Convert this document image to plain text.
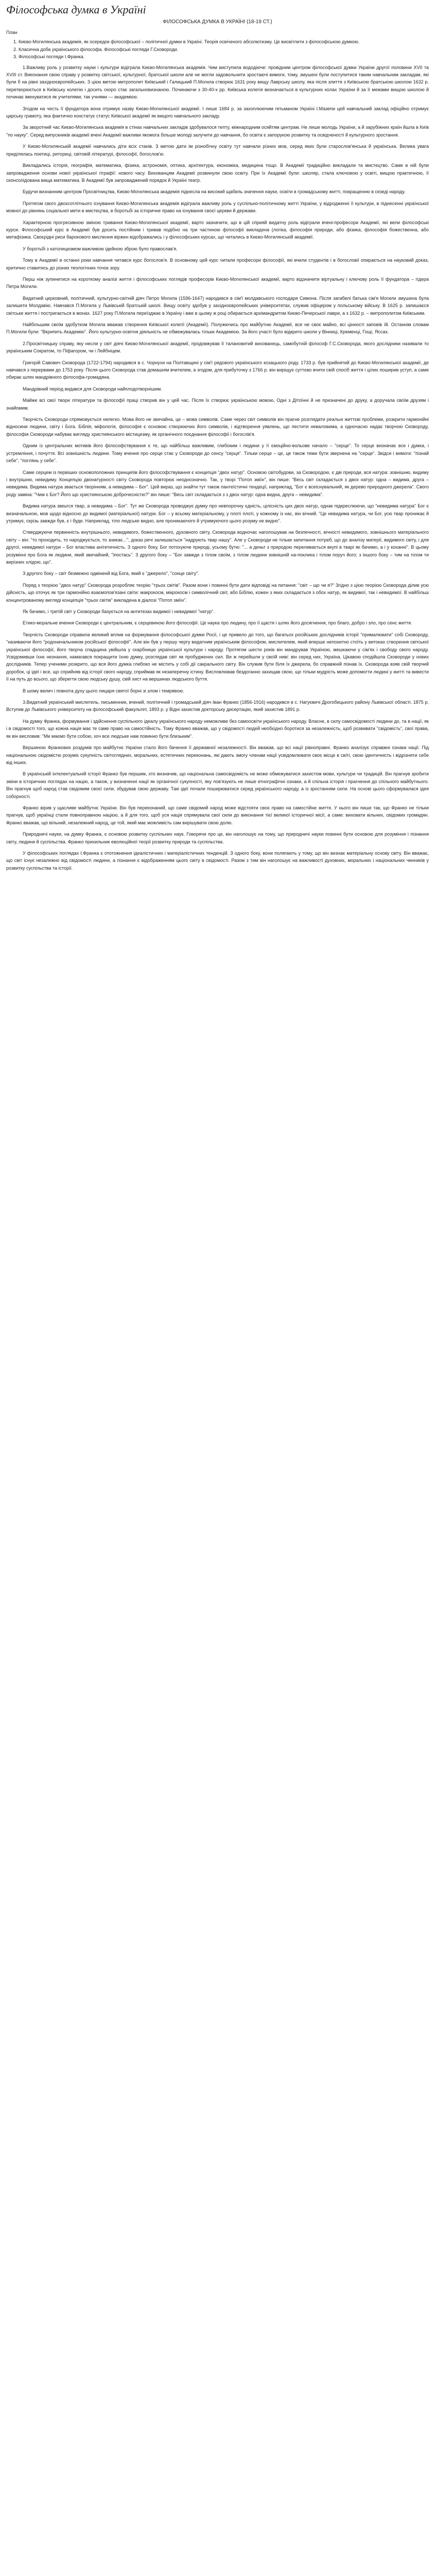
Філософська думка в Україні
ФІЛОСОФСЬКА ДУМКА В УКРАЇНІ (18-19 СТ.)
План
1. Києво-Могилянська академія, як осередок філософської – політичної думки в Україні. Теорія освіченого абсолютизму. Це висвітлити з філософською думкою.
2. Класична доба українського філософа. Філософські погляди Г.Сковороди.
3. Філософські погляди І.Франка.

1.Важливу роль у розвитку науки і культури відіграла Києво-Могилянська академія. Чим виступила вододіюче: провідним центром філософської думки України другої половини XVII та XVIII ст. Виконання свою справу у розвитку світської, культурної, братської школи але не могли задовольнити зростаючі вимоги, тому, змушені були поступитися таким навчальним закладам, які були б на рівні західноєвропейських. З цією метою митрополит Київський і Галицький П.Могила створює 1631 року вищу Лаврську школу, яка після злиття з Київською братською школою 1632 р. перетворюється в Київську колегію і досить скоро стає загальновизнаною. Починаючи з 30-40-х рр. Київська колегія визначається в культурних колах України й за її межами вищою школою й починає іменуватися як учителями, так учнями — академією.

Згодом на честь її фундатора вона отримує назву Києво-Могилянської академії. І лише 1684 р. за захоплюючим гетьманом Україні І.Мазепи цей навчальний заклад офіційно отримує царську грамоту, яка фактично констатує статус Київської академії як вищого навчального закладу.

За зворотний час Києво-Могилянська академія в стінах навчальних закладів здобувалося тепту, міжнародним осяйтям центрам. Не лише молодь України, а й зарубіжних країн йшла в Київ "по науку". Серед випускників академії вчені Академії важливи якомога більше молоді залучити до навчання, бо освіта є запорукою розвитку та освідченості й культурного зростання.

У Києво-Могилянській академії навчались діти всіх станів. З метою дати ім різнобічну освіту тут навчали різних мов, серед яких були старослов'янська й українська. Велика увага приділялась поетиці, риториці, світовій літературі, філософії, богослов'ю.

Викладались історія, географія, математика, фізика, астрономія, оптика, архітектура, економіка, медицина тощо. В Академії традиційно викладали та мистецтво. Саме в ній були запровадження основи нової української гіграфії: нового часу. Вихованцям Академії розвинули свою освіту. При їх Академії були: школяр, стала ключовою у освіті, вищою практичною, її сконсолідована вища математика. В Академії був запроваджений порядок й Україні театр.

Будучи визнанним центром Просвітництва, Києво-Могилянська академія піднесла на високий щабель значення науки, освіти в громадському житті, покращенню в сезеді народу.

Протягом свого двохсотлітнього існування Києво-Могилянська академія відіграла важливу роль у суспільно-політичному житті України, у відродженні її культури, в піднесенні української мовної до рівнянь соціальної мети в мистецтва, в боротьбі за історичне право на існування своєї церкви й держави.

Характерною прогресивною зміною тривання Києво-Могилянської академії, варто зазначити, що в цій сприяй видатну роль відіграли вчені-професори Академії, які вели філософські курси. Філософський курс в Академії був досить постійним і тривав подібно на три частиною філософії викладена (логіка, філософія природи, або фізика, філософія божественна, або метафізика. Своєрідні риси барокового мислення віржен відображались і у філософських курсах, що читались в Києво-Могилянській академії.

У боротьбі з католицизмом важливою ідейною зброю було православ'я.

Тому в Академії в останні роки навчання читався курс богослов'я. В основному цей курс читали професори філософії, які вчили студентів і в богословії опирається на науковий доказ, критично ставитись до різних теологічних точок зору.

Перш ніж зупинитися на короткому аналізі життя і філософських поглядів професорів Києво-Могилянської академії, варто відзначити віртуальну і ключову роль її фундатора – гідера Петра Могили.

Видатний церковний, політичний, культурно-світній діяч Петро Могила (1596-1647) народився в сім'ї молдавського господаря Симона. Після загибелі батька сім'я Могили змушена була залишити Молдавію. Навчався П.Могила у Львівській братській школі. Вищу освіту здобув у західноєвропейських університетах, служив офіцером у польському війську. В 1625 р. запишаєся світське життя і постригається в монах. 1627 року П.Могила переїзджає в Україну і вже в цьому ж році обирається архімандритом Києво-Печерської лаври, а з 1632 р. – митрополитом Київським.

Найбільшим своїм здобутком Могила вважав створення Київської колегії (Академії). Полужючись про майбутню Академії, все не своє майно, всі цінності заповів їй. Останнім словам П.Могили були: "Вкрипить Академію". Його культурно-освітня діяльність не обмежувалась тільки Академією. За його участі було відкрито школи у Вінниці, Кременці, Гощі, Яссах.

2.Просвітницьку справу, яку несли у світ діячі Києво-Могилянської академії, продовжував її талановитий вихованець, самобутній філософ Г.С.Сковорода, якого дослідники називали то українським Сократом, то Піфагором, чи і Лейбніцем.

Григорій Савович Сковорода (1722-1794) народився в с. Чорнухи на Полтавщині у сім'ї рядового українського козацького роду. 1733 р. був прийнятий до Києво-Могилянської академії, де навчався з перервами до 1753 року. Після цього Сковорода став домашнім вчителем, а згодом, для прибуточку з 1766 р. він виріщує суттєво вчити свій спосіб життя і цілих поширив уступ, а саме обирає шлях мандрівного філософа-громадяна.

Мандрівний період видався для Сковороди найплодотворнішим.

Майже всі свої твори літератури та філософії праці створив він у цей час. Після їх створює українською мовою, Одні з Дітоїнні й не призначені до друку, а доручала своїм друзям і знайомим.

Творчість Сковороди спрямовується нелегко. Мова його не звичайна, це – мова символів. Саме через світ символів він прагне розглядати реальні життєві проблеми, розкрити гармонійні відносини людини, світу і Бога. Біблія, міфологія, філософія є основою створюючих його символів, і відтворення уявлень, що пестити неваловима, а одночасно надає творчою Сковороду, філософія Сковороди набуває вигляду християнського містицизму, як органічного поєднання філософії і богослів'я.

Одним із центральних мотивів його філософствування є те, що найбільш важливим, глибоким і людини у її ємоційно-вольове начало – "серце". То серце визначає все і думка, і устремління, і почуття. Всі зовнішність людини. Тому вчення про серце стає у Сковороди до сенсу "серця". Тільки серце – це, це також теми бути звернена на "серце". Звідси і вимоги: "пізнай себе", "поглянь у себе".

Саме серцем із первіших основоположних принципів його філософствування є концепція "двох натур". Основою світобудови, за Сковородою, є дві природи, вся натура: зовнішню, видиму і внутрішню, невидиму. Концепцію двонатурності світу Сковорода повторює неоднозначно. Так, у творі "Потоп зміїн", він пише: "Весь світ складається з двох натур: одна – видима, друга – невидима. Видима натура звається творінням, а невидима – Бог". Цей вираз, що знайти тут також пантеїстичні тендеції, наприклад, "Бог є всеіснувальний, як дерево природного джерела". Свого роду заміна: "Чим є Бог? Його що християнською доброчесністю?" він пише: "Весь світ складається з з двох натур: одна видна, друга – невидима".

Видима натура звеьтся твар, а невидима – Бог". Тут же Сковорода проводжує думку про невпорочну єдність, цілісність цих двох натур, однак підкреслюючи, що "невидима натура" Бог є визначальною, мов щодо відносно до видимої (матеріальної) натури. Бог – у всьому матеріальному, у плоті плоті, у кожному із нас, він вічний. "Це невидима натура, чи Бог, усю твар проникає й утримує, скрізь завжди був, є і буде. Наприклад, тіло людське видно, але проникаючого й утримуючого цього розуму не видно".

Стверджуючи первинність внутрішнього, невидимого, божественного, духовного світу, Сковорода водночас наголошував на безпечності, вічності невидимого, зовнішнього матеріального світу – він: "то проходить, то народжується, то зникає...", доказ речі залишається "надрують твар нашу". Але у Сковороди не тільки запитання потреб, що до аналізу матерії, видимого світу, і для другої, невидимої натури – Бог властива анітетичність. З одного боку, Бог потохуюче природі, усьому бутю: "... а деньт з природою переливається вкупі в тварі як бачимо, а і у коханні". В цьому розумінні про Бога як людини, який звичайний, "іпостась". З другого боку – "Бог завжди з тілом своїм, з тілом людини зовнішній на-поклика і тілом поруч його; з іншого боку – тим на тілом ти вирізних хлідою, що".

З другого боку – світ безмежно одміненй від Бога, який є "джерело", "сонце світу".

Поряд з теорією "двох натур" Сковорода розробляє теорію "трьох світів". Разом вони і повинні бути дати відповіді на питання: "світ – що чи я?" Згідно з цією теорією Сковорода ділив усю дійсність, що оточує як три гармонійно взаємопов'язані світи: макрокосм, мікрокосм і символічний світ, або Біблію, кожен з яких складається з обох натур, як видимої, так і невидимої. В найбільш концентрованому вигляді концепція "трьох світів" викладена в діалозі "Потоп зміїн".

Як бачимо, і третій світ у Сковороди базується на антитезах видимої і невидимої "натур".

Етико-моральне вчення Сковороди є центральним, є серцевиною його філософії. Це наука про людину, про її щастя і шлях його досягнення, про благо, добро і зло, про сенс життя.

Творчість Сковороди справила великий вплив на формування філософської думки Росії, і це привело до того, що багатьох російських дослідників історії "прималювати" собі Сковороду, "називаючи його "родоначальником російської філософії". Але він був у першу чергу видатним українським філософом, мислителем, який вперше непохитно стоїть у витоках створення світської української філософії, його творча спадщина увійшла у скарбницю української культури і народу. Протягом шести років він мандрував Україною, мешкаючи у сім'ях і свободу свого народу. Усвідомивши їхнє незнання, намагався покращити їхню думку, розглядав світ як пробуджених сил. Ви ж перейшли у своїй ниві: він серед них, Україна. Цікавою сподійшла Сковороди у нових дослідників. Тепер ученими розкрито, що вся його думка глибоко не містить у собі дії сакрального світу. Він служив бути біля їх джерела, бо справжній пізнав їх. Сковорода взяв свій творчий доробок, ці ідеї і все, що сприйняв від історії свого народу, сприймав як незаперечну істину. Висловлював бездоганно захищав свою, що тільки мудрість може допомогти людині у житті та вивести її на путь до всього, що зберегти свою людську душу, свій хист на вершинах людського буття.

В шому велич і повнота духу цього лицаря святої борні зі злом і темрявою.

3.Видатний український мислитель, письменник, вчений, політичний і громадський діяч Іван Франко (1856-1916) народився в с. Нагуєвичі Дрогобицького району Львівської області. 1875 р. Вступив до Львівського університету на філософський факультет, 1893 р. у Відні захистив докторську дисертацію, який захистив 1891 р.

На думку Франка, формування і здійснення суспільного ідеалу українського народу неможливе без самоосвіти українського народу. Власне, в силу самосвідомості людини до, та в нації, як і в свідомості того, що кожна нація має те саме право на самостійність. Тому Франко вважав, що у свідомості людей необхідно боротися за незалежність, щоб розвивати "свідомість", свої права, як він висловив: "Ми маємо бути собою, хоч все людське нам повинно бути близьким".

Вершиною Франкових роздумів про майбутнє України стало його бачення її державної незалежності. Він вважав, що всі нації рівноправні. Франко аналізує справжні ознаки нації. Під національною свідомістю розуміє сукупність світоглядних, моральних, естетичних переконань, які дають змогу членам нації усвідомлювати своє місце в світі, свою ідентичність і відрізняти себе від інших.

В українській інтелектуальній історії Франко був першим, хто визначив, що національна самосвідомість не може обмежуватися захистом мови, культури чи традицій. Він прагнув зробити зміни в історичних поглядах на націю, а також, у визначенні нації як органічної сукупності, яку пов'язують не лише етнографічні ознаки, а й спільна історія і прагнення до спільного майбутнього. Він прагнув щоб народ став свідомим своєї сили, збудував свою державу. Такі ідеї почали поширюватися серед українського народу, а із зростанням сили. На основі цього сформувалася ідея соборності.

Франко вірив у щасливе майбутнє України. Він був переконаний, що саме свідомий народ може відстояти своє право на самостійне життя. У нього він пише так, що Франко не тільки прагнув, щоб українці стали повноправною нацією, а й для того, щоб уся нація спрямувала свої сили до виконання тієї великої історичної місії, а саме: виховати вільних, свідомих громадян. Франко вважав, що вільний, незалежний народ, це той, який має можливість сам вирішувати свою долю.

Природничі науки, на думку Франка, є основою розвитку суспільних наук. Говорячи про це, він наголошує на тому, що природничі науки повинні бути основою для розуміння і пізнання світу, людини й суспільства. Франко прихильник еволюційної теорії розвитку природи та суспільства.

У філософських поглядах І.Франка є ототожнення ідеалістичних і матеріалістичних тенденцій. З одного боку, вони полягають у тому, що він визнає матеріальну основу світу. Він вважає, що світ існує незалежно від свідомості людини, а пізнання є відображенням цього світу в свідомості. Разом з тим він наголошує на важливості духовних, моральних і національних чинників у розвитку суспільства та історії.
